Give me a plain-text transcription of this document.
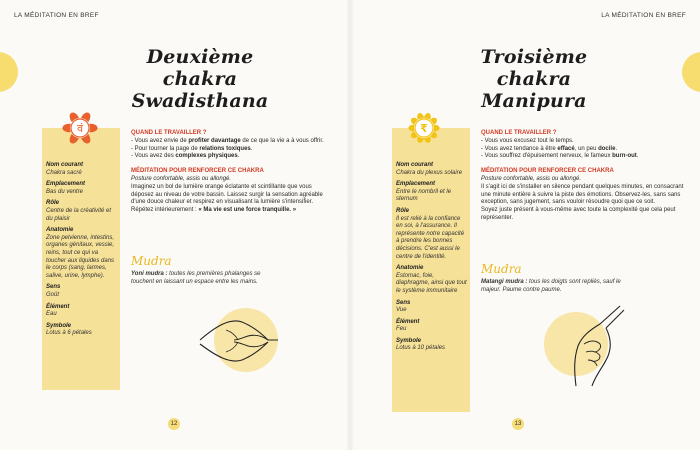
LA MÉDITATION EN BREF
Deuxième chakra
Swadisthana
Nom courant
Chakra sacré
Emplacement
Bas du ventre
Rôle
Centre de la créativité et du plaisir
Anatomie
Zone pelvienne, intestins, organes génitaux, vessie, reins, tout ce qui va toucher aux liquides dans le corps (sang, larmes, salive, urine, lymphe).
Sens
Goût
Élément
Eau
Symbole
Lotus à 6 pétales
वं	QUAND LE TRAVAILLER ?
- Vous avez envie de profiter davantage de ce que la vie a à vous offrir.
- Pour tourner la page de relations toxiques.
- Vous avez des complexes physiques.
MÉDITATION POUR RENFORCER CE CHAKRA
Posture confortable, assis ou allongé.
Imaginez un bol de lumière orange éclatante et scintillante que vous déposez au niveau de votre bassin. Laissez surgir la sensation agréable d'une douce chaleur et respirez en visualisant la lumière s'intensifier.
Répétez intérieurement : « Ma vie est une force tranquille. »
Mudra
Yoni mudra : toutes les premières phalanges se touchent en laissant un espace entre les mains.
12
LA MÉDITATION EN BREF
Troisième chakra
Manipura
Nom courant
Chakra du plexus solaire
Emplacement
Entre le nombril et le sternum
Rôle
Il est relié à la confiance en soi, à l'assurance. Il représente notre capacité à prendre les bonnes décisions. C'est aussi le centre de l'identité.
Anatomie
Estomac, foie, diaphragme, ainsi que tout le système immunitaire
Sens
Vue
Élément
Feu
Symbole
Lotus à 10 pétales
₹	QUAND LE TRAVAILLER ?
- Vous vous excusez tout le temps.
- Vous avez tendance à être effacé, un peu docile.
- Vous souffrez d'épuisement nerveux, le fameux burn-out.
MÉDITATION POUR RENFORCER CE CHAKRA
Posture confortable, assis ou allongé.
Il s'agit ici de s'installer en silence pendant quelques minutes, en consacrant une minute entière à suivre la piste des émotions. Observez-les, sans sans exception, sans jugement, sans vouloir résoudre quoi que ce soit.
Soyez juste présent à vous-même avec toute la complexité que cela peut représenter.
Mudra
Matangi mudra : tous les doigts sont repliés, sauf le majeur. Paume contre paume.
13
